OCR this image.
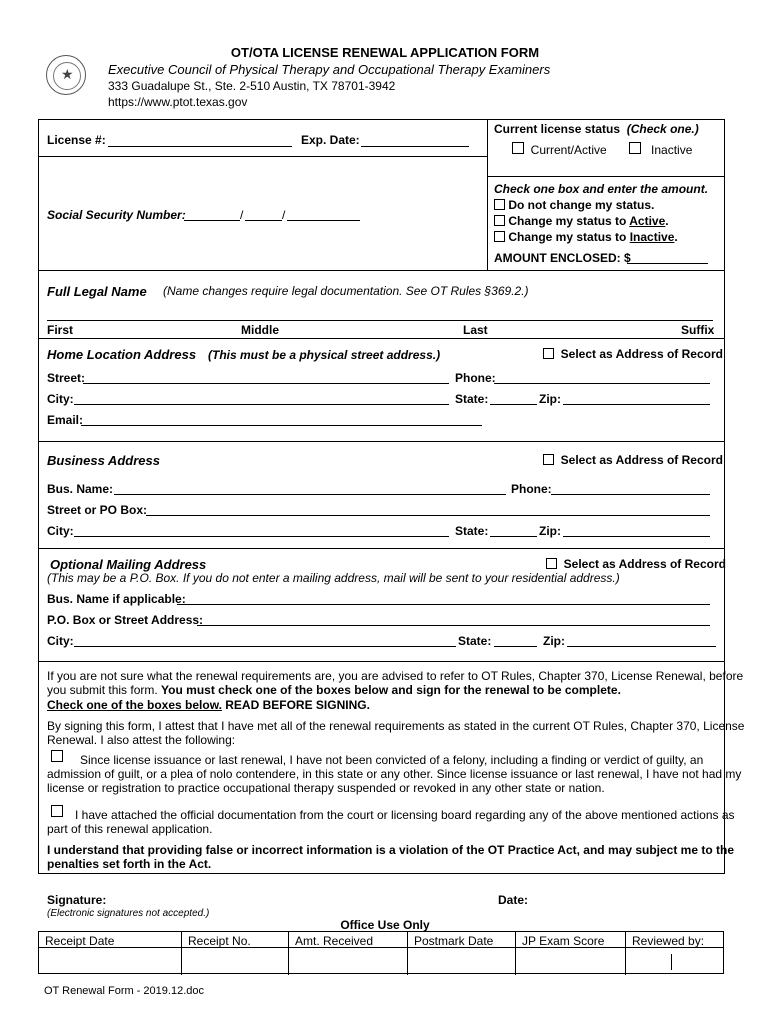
★
OT/OTA LICENSE RENEWAL APPLICATION FORM
Executive Council of Physical Therapy and Occupational Therapy Examiners
333 Guadalupe St., Ste. 2-510 Austin, TX 78701-3942
https://www.ptot.texas.gov
License #:	Exp. Date:
Social Security Number:	/	/
Current license status (Check one.)
Current/Active	Inactive
Check one box and enter the amount.
Do not change my status.
Change my status to Active.
Change my status to Inactive.
AMOUNT ENCLOSED: $
Full Legal Name (Name changes require legal documentation. See OT Rules §369.2.)
First	Middle	Last	Suffix
Home Location Address (This must be a physical street address.)	Select as Address of Record
Street:	Phone:
City:	State:	Zip:
Email:
Business Address	Select as Address of Record
Bus. Name:	Phone:
Street or PO Box:
City:	State:	Zip:
Optional Mailing Address	Select as Address of Record
(This may be a P.O. Box. If you do not enter a mailing address, mail will be sent to your residential address.)
Bus. Name if applicable:
P.O. Box or Street Address:
City:	State:	Zip:
If you are not sure what the renewal requirements are, you are advised to refer to OT Rules, Chapter 370, License Renewal, before
you submit this form. You must check one of the boxes below and sign for the renewal to be complete.
Check one of the boxes below. READ BEFORE SIGNING.
By signing this form, I attest that I have met all of the renewal requirements as stated in the current OT Rules, Chapter 370, License
Renewal. I also attest the following:
Since license issuance or last renewal, I have not been convicted of a felony, including a finding or verdict of guilty, an
admission of guilt, or a plea of nolo contendere, in this state or any other. Since license issuance or last renewal, I have not had my
license or registration to practice occupational therapy suspended or revoked in any other state or nation.
I have attached the official documentation from the court or licensing board regarding any of the above mentioned actions as
part of this renewal application.
I understand that providing false or incorrect information is a violation of the OT Practice Act, and may subject me to the
penalties set forth in the Act.
Signature:
(Electronic signatures not accepted.)
Date:
Office Use Only
Receipt Date	Receipt No.	Amt. Received	Postmark Date	JP Exam Score	Reviewed by:
OT Renewal Form - 2019.12.doc
